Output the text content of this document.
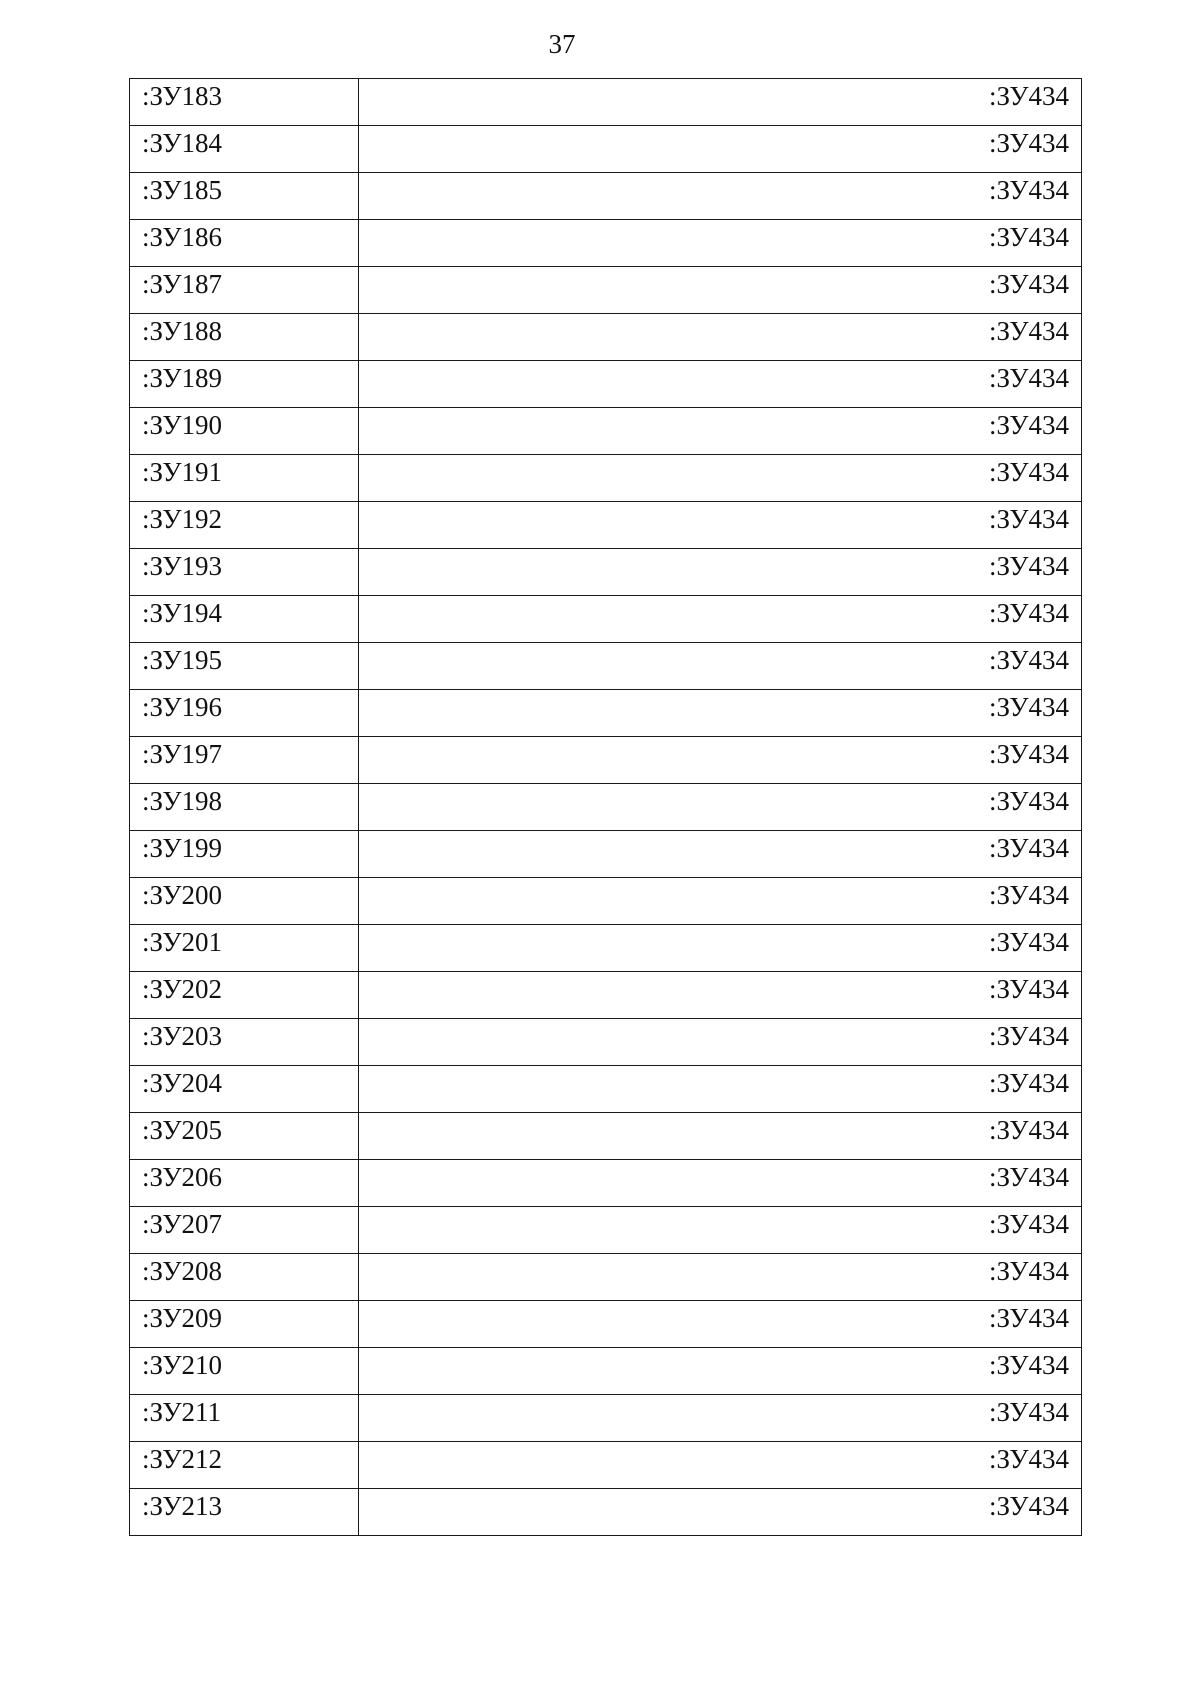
37
:ЗУ183	:ЗУ434
:ЗУ184	:ЗУ434
:ЗУ185	:ЗУ434
:ЗУ186	:ЗУ434
:ЗУ187	:ЗУ434
:ЗУ188	:ЗУ434
:ЗУ189	:ЗУ434
:ЗУ190	:ЗУ434
:ЗУ191	:ЗУ434
:ЗУ192	:ЗУ434
:ЗУ193	:ЗУ434
:ЗУ194	:ЗУ434
:ЗУ195	:ЗУ434
:ЗУ196	:ЗУ434
:ЗУ197	:ЗУ434
:ЗУ198	:ЗУ434
:ЗУ199	:ЗУ434
:ЗУ200	:ЗУ434
:ЗУ201	:ЗУ434
:ЗУ202	:ЗУ434
:ЗУ203	:ЗУ434
:ЗУ204	:ЗУ434
:ЗУ205	:ЗУ434
:ЗУ206	:ЗУ434
:ЗУ207	:ЗУ434
:ЗУ208	:ЗУ434
:ЗУ209	:ЗУ434
:ЗУ210	:ЗУ434
:ЗУ211	:ЗУ434
:ЗУ212	:ЗУ434
:ЗУ213	:ЗУ434
